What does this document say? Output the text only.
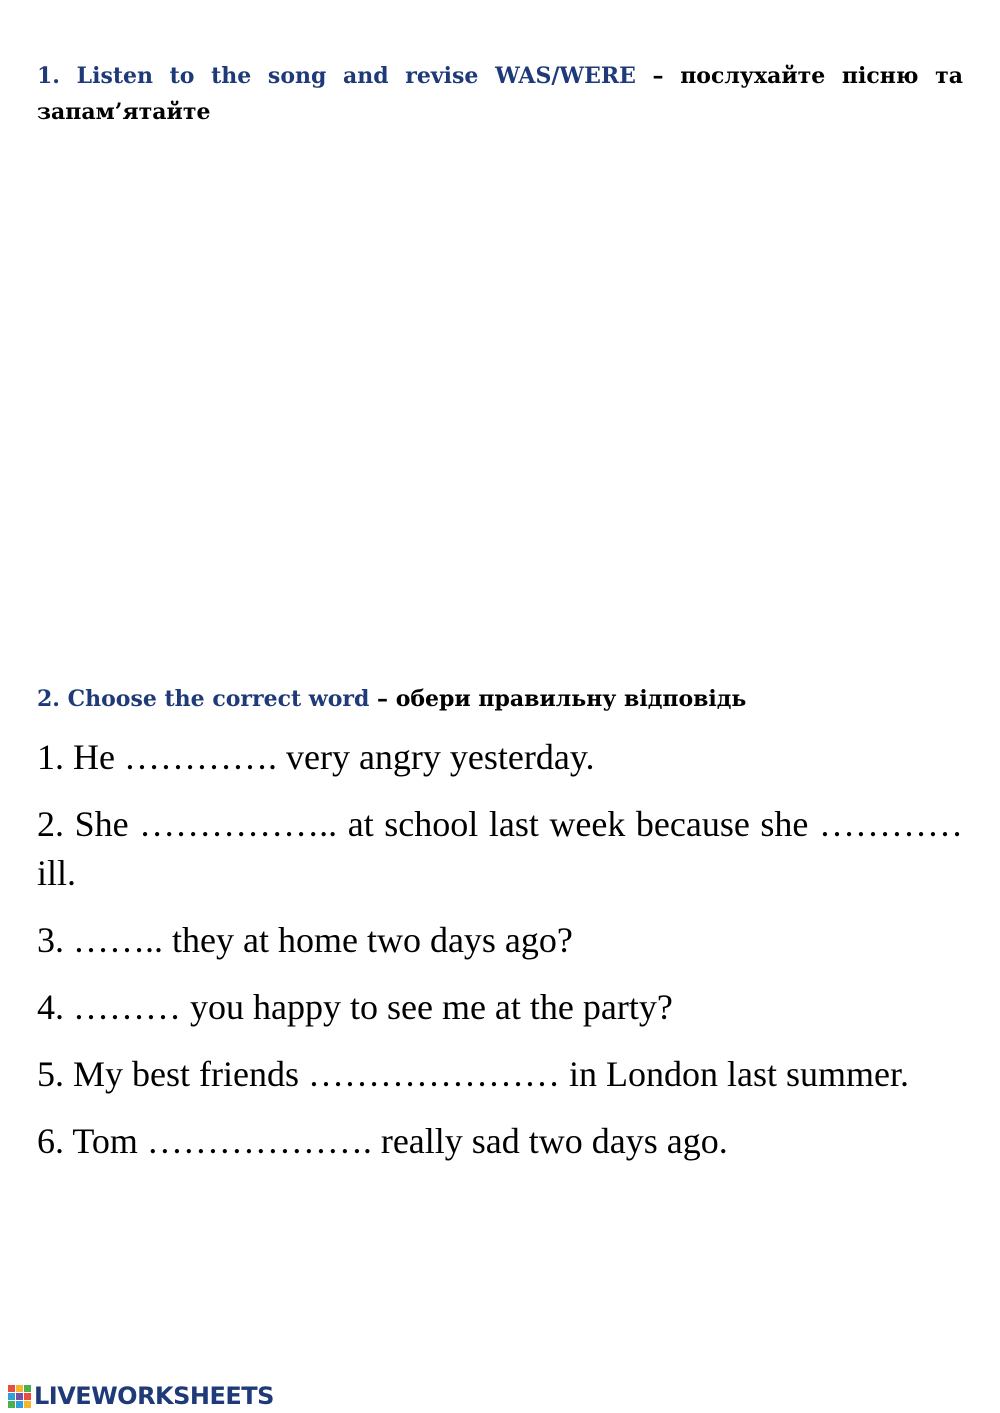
1. Listen to the song and revise WAS/WERE – послухайте пісню та запам’ятайте
2. Choose the correct word – обери правильну відповідь
1. He …………. very angry yesterday.
2. She …………….. at school last week because she ………… ill.
3. …….. they at home two days ago?
4. ……… you happy to see me at the party?
5. My best friends ………………… in London last summer.
6. Tom ………………. really sad two days ago.
LIVEWORKSHEETS
